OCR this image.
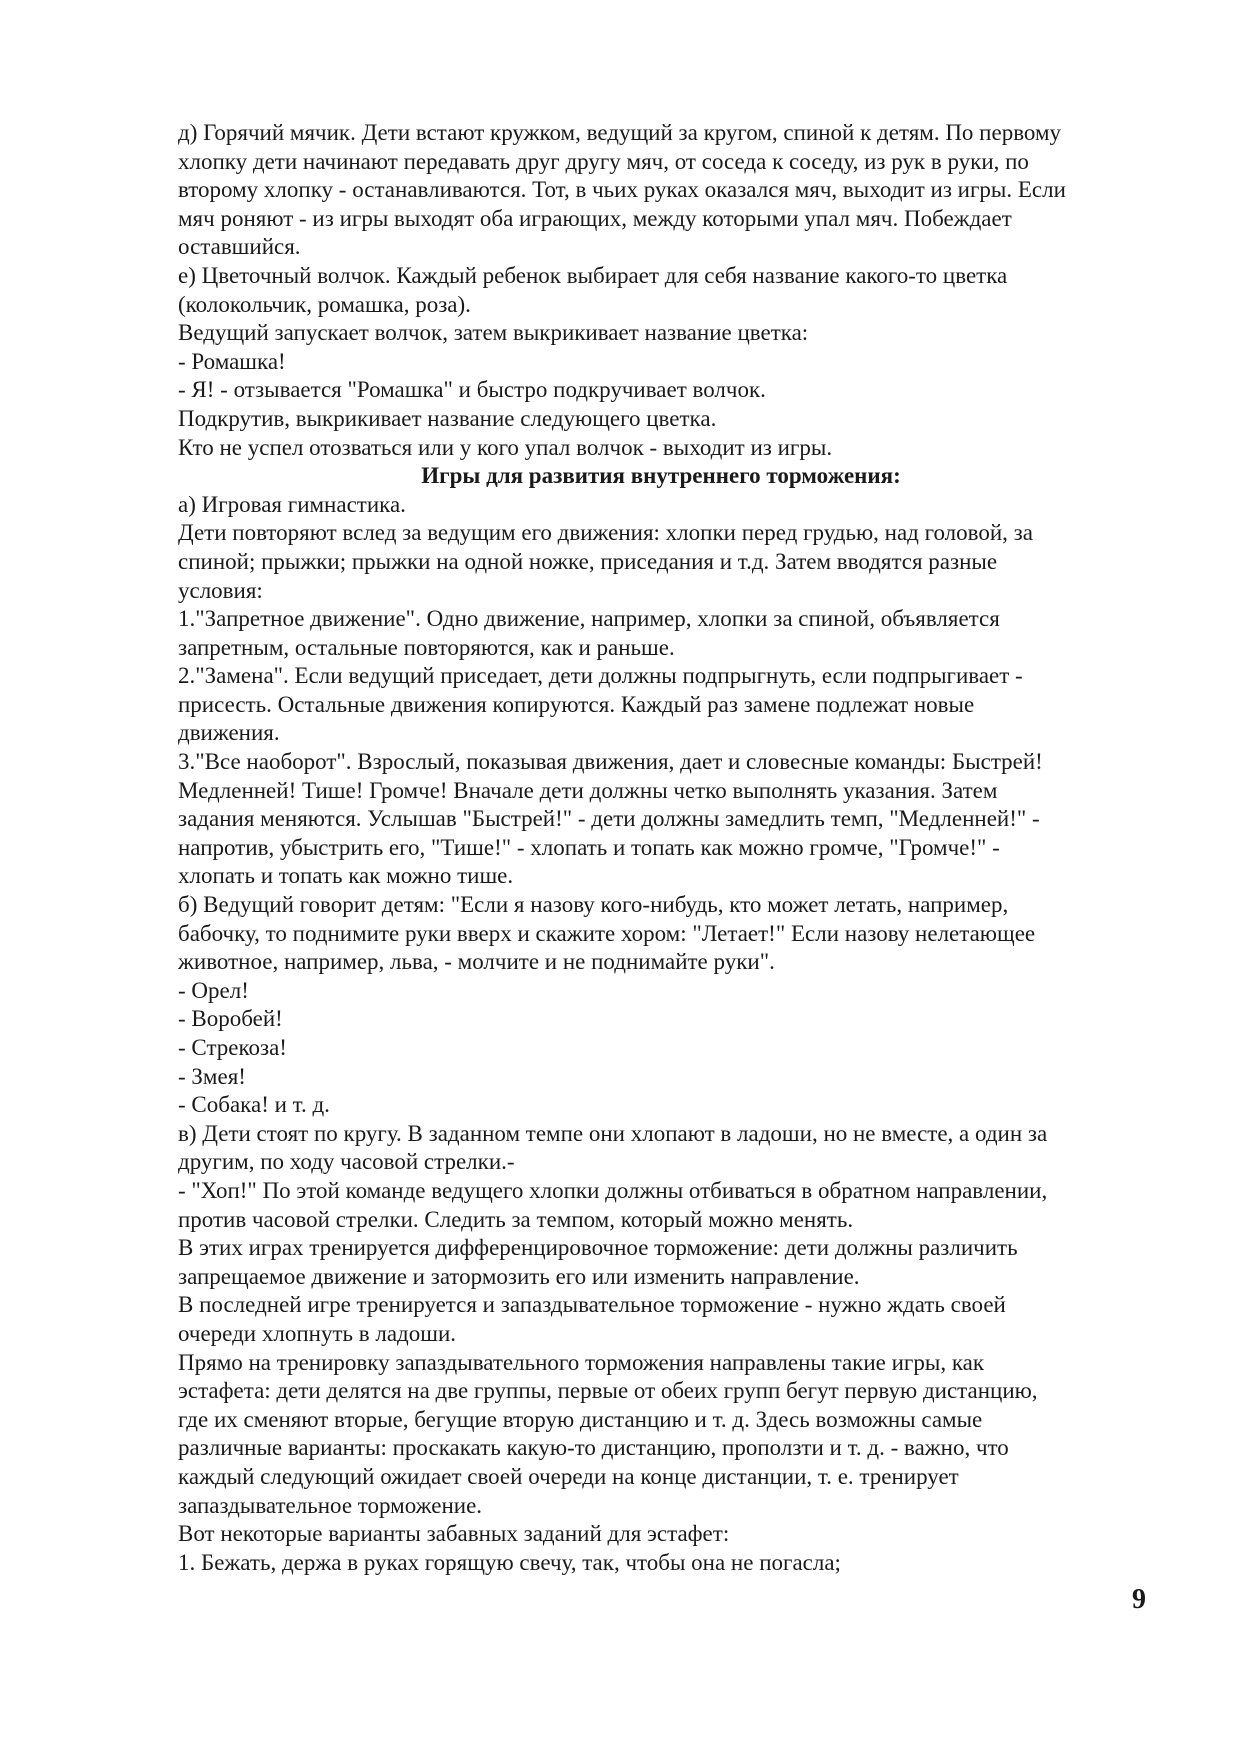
д) Горячий мячик. Дети встают кружком, ведущий за кругом, спиной к детям. По первому
хлопку дети начинают передавать друг другу мяч, от соседа к соседу, из рук в руки, по
второму хлопку - останавливаются. Тот, в чьих руках оказался мяч, выходит из игры. Если
мяч роняют - из игры выходят оба играющих, между которыми упал мяч. Побеждает
оставшийся.
е) Цветочный волчок. Каждый ребенок выбирает для себя название какого-то цветка
(колокольчик, ромашка, роза).
Ведущий запускает волчок, затем выкрикивает название цветка:
- Ромашка!
- Я! - отзывается "Ромашка" и быстро подкручивает волчок.
Подкрутив, выкрикивает название следующего цветка.
Кто не успел отозваться или у кого упал волчок - выходит из игры.
Игры для развития внутреннего торможения:
а) Игровая гимнастика.
Дети повторяют вслед за ведущим его движения: хлопки перед грудью, над головой, за
спиной; прыжки; прыжки на одной ножке, приседания и т.д. Затем вводятся разные
условия:
1."Запретное движение". Одно движение, например, хлопки за спиной, объявляется
запретным, остальные повторяются, как и раньше.
2."Замена". Если ведущий приседает, дети должны подпрыгнуть, если подпрыгивает -
присесть. Остальные движения копируются. Каждый раз замене подлежат новые
движения.
3."Все наоборот". Взрослый, показывая движения, дает и словесные команды: Быстрей!
Медленней! Тише! Громче! Вначале дети должны четко выполнять указания. Затем
задания меняются. Услышав "Быстрей!" - дети должны замедлить темп, "Медленней!" -
напротив, убыстрить его, "Тише!" - хлопать и топать как можно громче, "Громче!" -
хлопать и топать как можно тише.
б) Ведущий говорит детям: "Если я назову кого-нибудь, кто может летать, например,
бабочку, то поднимите руки вверх и скажите хором: "Летает!" Если назову нелетающее
животное, например, льва, - молчите и не поднимайте руки".
- Орел!
- Воробей!
- Стрекоза!
- Змея!
- Собака! и т. д.
в) Дети стоят по кругу. В заданном темпе они хлопают в ладоши, но не вместе, а один за
другим, по ходу часовой стрелки.-
- "Хоп!" По этой команде ведущего хлопки должны отбиваться в обратном направлении,
против часовой стрелки. Следить за темпом, который можно менять.
В этих играх тренируется дифференцировочное торможение: дети должны различить
запрещаемое движение и затормозить его или изменить направление.
В последней игре тренируется и запаздывательное торможение - нужно ждать своей
очереди хлопнуть в ладоши.
Прямо на тренировку запаздывательного торможения направлены такие игры, как
эстафета: дети делятся на две группы, первые от обеих групп бегут первую дистанцию,
где их сменяют вторые, бегущие вторую дистанцию и т. д. Здесь возможны самые
различные варианты: проскакать какую-то дистанцию, проползти и т. д. - важно, что
каждый следующий ожидает своей очереди на конце дистанции, т. е. тренирует
запаздывательное торможение.
Вот некоторые варианты забавных заданий для эстафет:
1. Бежать, держа в руках горящую свечу, так, чтобы она не погасла;
9
